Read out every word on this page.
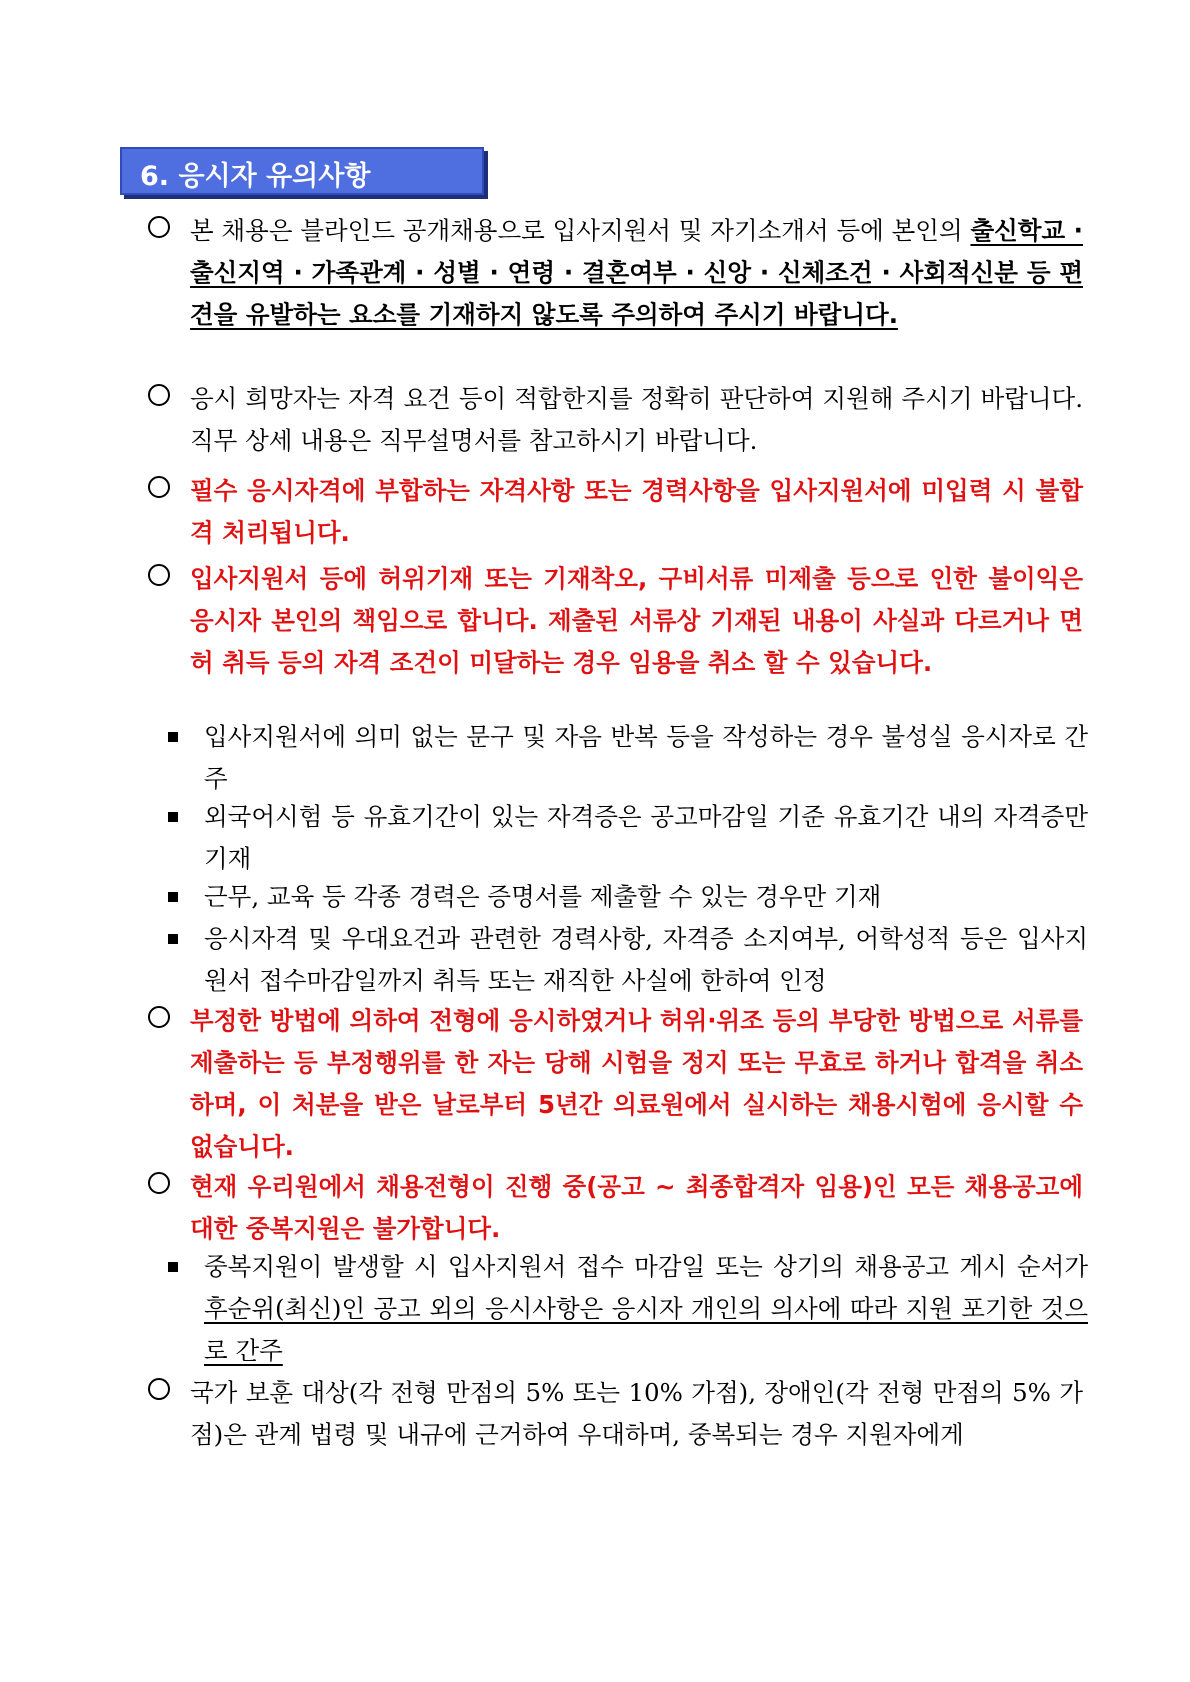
6. 응시자 유의사항
본 채용은 블라인드 공개채용으로 입사지원서 및 자기소개서 등에 본인의 출신학교 · 출신지역 · 가족관계 · 성별 · 연령 · 결혼여부 · 신앙 · 신체조건 · 사회적신분 등 편견을 유발하는 요소를 기재하지 않도록 주의하여 주시기 바랍니다.
응시 희망자는 자격 요건 등이 적합한지를 정확히 판단하여 지원해 주시기 바랍니다. 직무 상세 내용은 직무설명서를 참고하시기 바랍니다.
필수 응시자격에 부합하는 자격사항 또는 경력사항을 입사지원서에 미입력 시 불합격 처리됩니다.
입사지원서 등에 허위기재 또는 기재착오, 구비서류 미제출 등으로 인한 불이익은 응시자 본인의 책임으로 합니다. 제출된 서류상 기재된 내용이 사실과 다르거나 면허 취득 등의 자격 조건이 미달하는 경우 임용을 취소 할 수 있습니다.
입사지원서에 의미 없는 문구 및 자음 반복 등을 작성하는 경우 불성실 응시자로 간주
외국어시험 등 유효기간이 있는 자격증은 공고마감일 기준 유효기간 내의 자격증만 기재
근무, 교육 등 각종 경력은 증명서를 제출할 수 있는 경우만 기재
응시자격 및 우대요건과 관련한 경력사항, 자격증 소지여부, 어학성적 등은 입사지원서 접수마감일까지 취득 또는 재직한 사실에 한하여 인정
부정한 방법에 의하여 전형에 응시하였거나 허위·위조 등의 부당한 방법으로 서류를 제출하는 등 부정행위를 한 자는 당해 시험을 정지 또는 무효로 하거나 합격을 취소하며, 이 처분을 받은 날로부터 5년간 의료원에서 실시하는 채용시험에 응시할 수 없습니다.
현재 우리원에서 채용전형이 진행 중(공고 ~ 최종합격자 임용)인 모든 채용공고에 대한 중복지원은 불가합니다.
중복지원이 발생할 시 입사지원서 접수 마감일 또는 상기의 채용공고 게시 순서가 후순위(최신)인 공고 외의 응시사항은 응시자 개인의 의사에 따라 지원 포기한 것으로 간주
국가 보훈 대상(각 전형 만점의 5% 또는 10% 가점), 장애인(각 전형 만점의 5% 가점)은 관계 법령 및 내규에 근거하여 우대하며, 중복되는 경우 지원자에게
